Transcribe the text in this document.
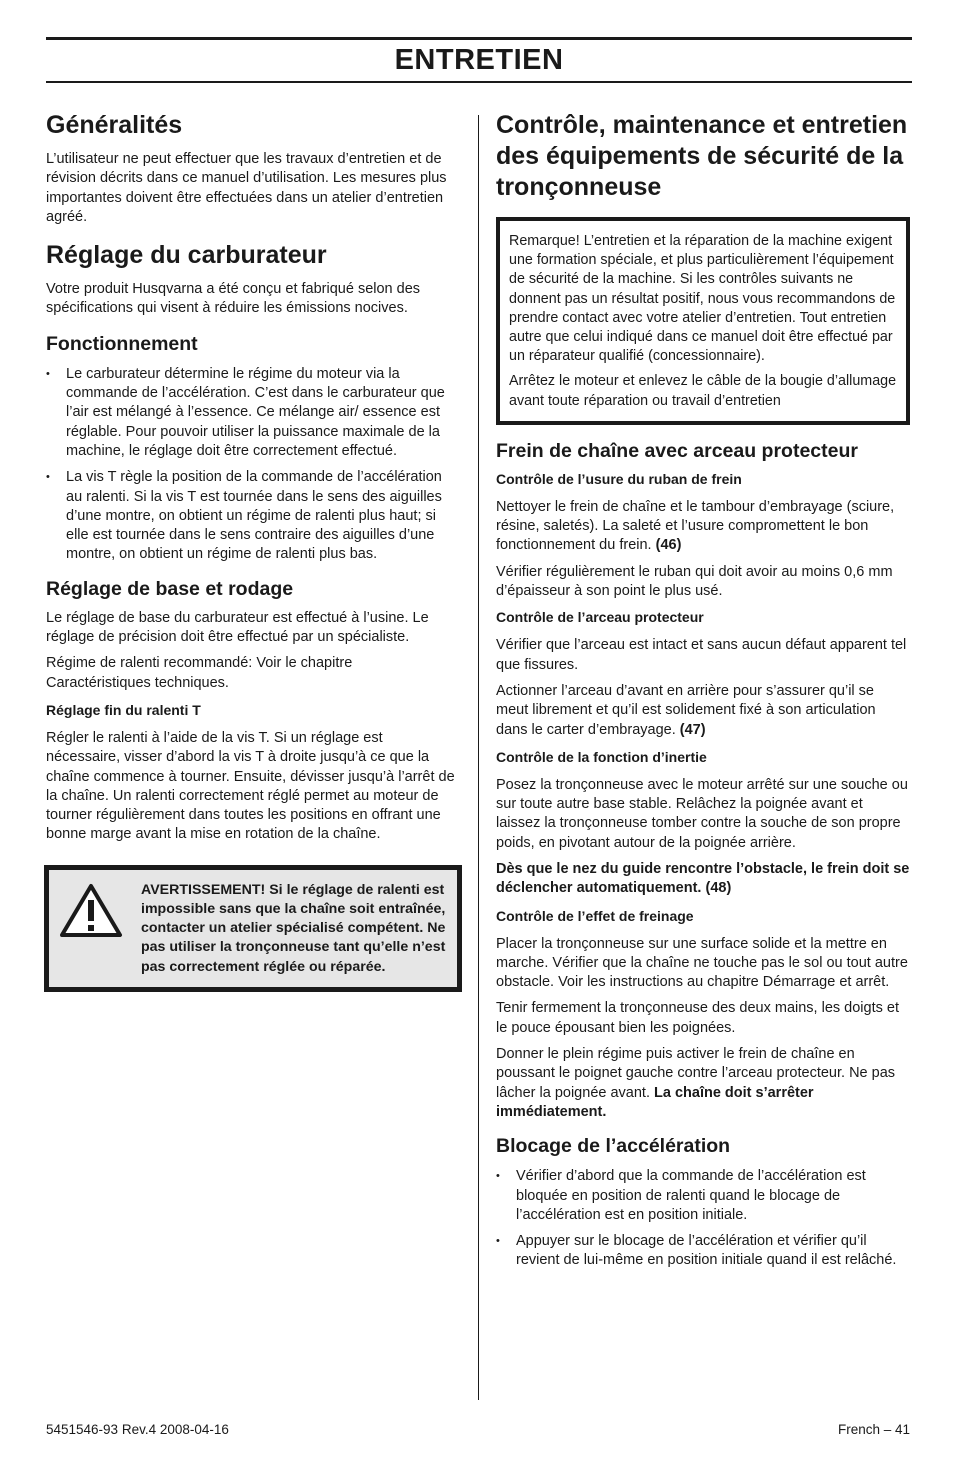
ENTRETIEN
Généralités

L’utilisateur ne peut effectuer que les travaux d’entretien et de révision décrits dans ce manuel d’utilisation. Les mesures plus importantes doivent être effectuées dans un atelier d’entretien agréé.

Réglage du carburateur

Votre produit Husqvarna a été conçu et fabriqué selon des spécifications qui visent à réduire les émissions nocives.

Fonctionnement
• Le carburateur détermine le régime du moteur via la commande de l’accélération. C’est dans le carburateur que l’air est mélangé à l’essence. Ce mélange air/ essence est réglable. Pour pouvoir utiliser la puissance maximale de la machine, le réglage doit être correctement effectué.
• La vis T règle la position de la commande de l’accélération au ralenti. Si la vis T est tournée dans le sens des aiguilles d’une montre, on obtient un régime de ralenti plus haut; si elle est tournée dans le sens contraire des aiguilles d’une montre, on obtient un régime de ralenti plus bas.
Réglage de base et rodage

Le réglage de base du carburateur est effectué à l’usine. Le réglage de précision doit être effectué par un spécialiste.

Régime de ralenti recommandé: Voir le chapitre Caractéristiques techniques.

Réglage fin du ralenti T

Régler le ralenti à l’aide de la vis T. Si un réglage est nécessaire, visser d’abord la vis T à droite jusqu’à ce que la chaîne commence à tourner. Ensuite, dévisser jusqu’à l’arrêt de la chaîne. Un ralenti correctement réglé permet au moteur de tourner régulièrement dans toutes les positions en offrant une bonne marge avant la mise en rotation de la chaîne.

AVERTISSEMENT! Si le réglage de ralenti est impossible sans que la chaîne soit entraînée, contacter un atelier spécialisé compétent. Ne pas utiliser la tronçonneuse tant qu’elle n’est pas correctement réglée ou réparée.
Contrôle, maintenance et entretien des équipements de sécurité de la tronçonneuse

Remarque! L’entretien et la réparation de la machine exigent une formation spéciale, et plus particulièrement l’équipement de sécurité de la machine. Si les contrôles suivants ne donnent pas un résultat positif, nous vous recommandons de prendre contact avec votre atelier d’entretien. Tout entretien autre que celui indiqué dans ce manuel doit être effectué par un réparateur qualifié (concessionnaire).

Arrêtez le moteur et enlevez le câble de la bougie d’allumage avant toute réparation ou travail d’entretien

Frein de chaîne avec arceau protecteur
Contrôle de l’usure du ruban de frein

Nettoyer le frein de chaîne et le tambour d’embrayage (sciure, résine, saletés). La saleté et l’usure compromettent le bon fonctionnement du frein. (46)

Vérifier régulièrement le ruban qui doit avoir au moins 0,6 mm d’épaisseur à son point le plus usé.

Contrôle de l’arceau protecteur

Vérifier que l’arceau est intact et sans aucun défaut apparent tel que fissures.

Actionner l’arceau d’avant en arrière pour s’assurer qu’il se meut librement et qu’il est solidement fixé à son articulation dans le carter d’embrayage. (47)

Contrôle de la fonction d’inertie

Posez la tronçonneuse avec le moteur arrêté sur une souche ou sur toute autre base stable. Relâchez la poignée avant et laissez la tronçonneuse tomber contre la souche de son propre poids, en pivotant autour de la poignée arrière.

Dès que le nez du guide rencontre l’obstacle, le frein doit se déclencher automatiquement. (48)

Contrôle de l’effet de freinage

Placer la tronçonneuse sur une surface solide et la mettre en marche. Vérifier que la chaîne ne touche pas le sol ou tout autre obstacle. Voir les instructions au chapitre Démarrage et arrêt.

Tenir fermement la tronçonneuse des deux mains, les doigts et le pouce épousant bien les poignées.

Donner le plein régime puis activer le frein de chaîne en poussant le poignet gauche contre l’arceau protecteur. Ne pas lâcher la poignée avant. La chaîne doit s’arrêter immédiatement.

Blocage de l’accélération
• Vérifier d’abord que la commande de l’accélération est bloquée en position de ralenti quand le blocage de l’accélération est en position initiale.
• Appuyer sur le blocage de l’accélération et vérifier qu’il revient de lui-même en position initiale quand il est relâché.
5451546-93 Rev.4 2008-04-16	French – 41
